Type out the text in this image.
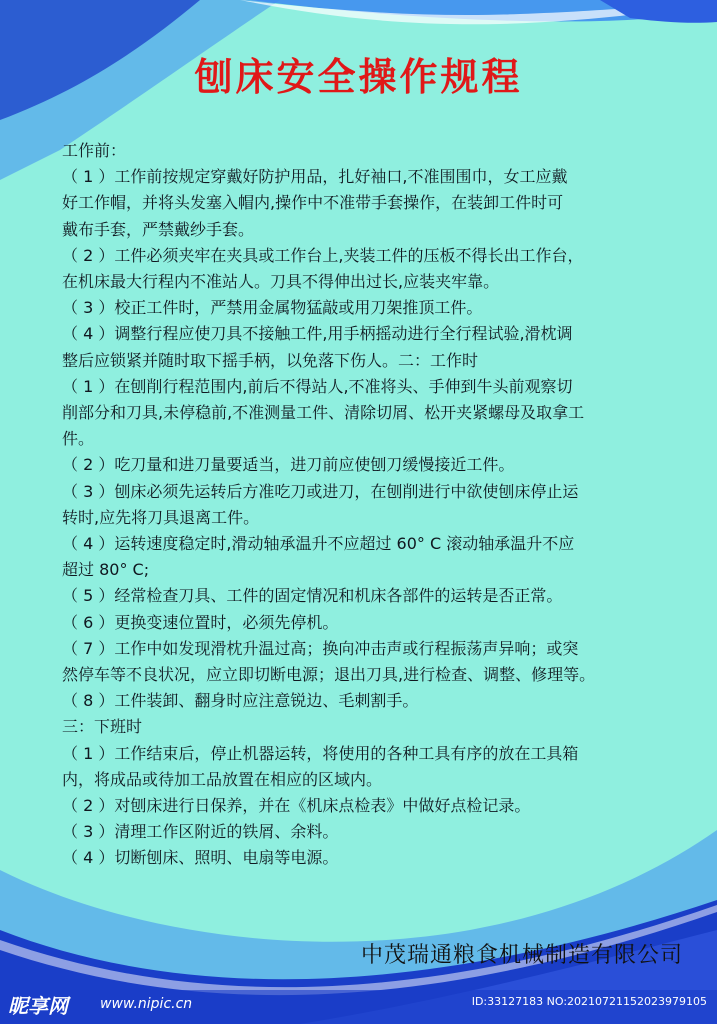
刨床安全操作规程

工作前：

（ 1 ）工作前按规定穿戴好防护用品，扎好袖口,不准围围巾，女工应戴

好工作帽，并将头发塞入帽内,操作中不准带手套操作，在装卸工件时可

戴布手套，严禁戴纱手套。

（ 2 ）工件必须夹牢在夹具或工作台上,夹装工件的压板不得长出工作台，

在机床最大行程内不准站人。刀具不得伸出过长,应装夹牢靠。

（ 3 ）校正工件时，严禁用金属物猛敲或用刀架推顶工件。

（ 4 ）调整行程应使刀具不接触工件,用手柄摇动进行全行程试验,滑枕调

整后应锁紧并随时取下摇手柄，以免落下伤人。二：工作时

（ 1 ）在刨削行程范围内,前后不得站人,不准将头、手伸到牛头前观察切

削部分和刀具,未停稳前,不准测量工件、清除切屑、松开夹紧螺母及取拿工

件。

（ 2 ）吃刀量和进刀量要适当，进刀前应使刨刀缓慢接近工件。

（ 3 ）刨床必须先运转后方准吃刀或进刀，在刨削进行中欲使刨床停止运

转时,应先将刀具退离工件。

（ 4 ）运转速度稳定时,滑动轴承温升不应超过 60° C 滚动轴承温升不应

超过 80° C;

（ 5 ）经常检查刀具、工件的固定情况和机床各部件的运转是否正常。

（ 6 ）更换变速位置时，必须先停机。

（ 7 ）工作中如发现滑枕升温过高；换向冲击声或行程振荡声异响；或突

然停车等不良状况，应立即切断电源；退出刀具,进行检查、调整、修理等。

（ 8 ）工件装卸、翻身时应注意锐边、毛刺割手。

三：下班时

（ 1 ）工作结束后，停止机器运转，将使用的各种工具有序的放在工具箱

内，将成品或待加工品放置在相应的区域内。

（ 2 ）对刨床进行日保养，并在《机床点检表》中做好点检记录。

（ 3 ）清理工作区附近的铁屑、余料。

（ 4 ）切断刨床、照明、电扇等电源。

中茂瑞通粮食机械制造有限公司
昵享网 www.nipic.cn	ID:33127183 NO:20210721152023979105
